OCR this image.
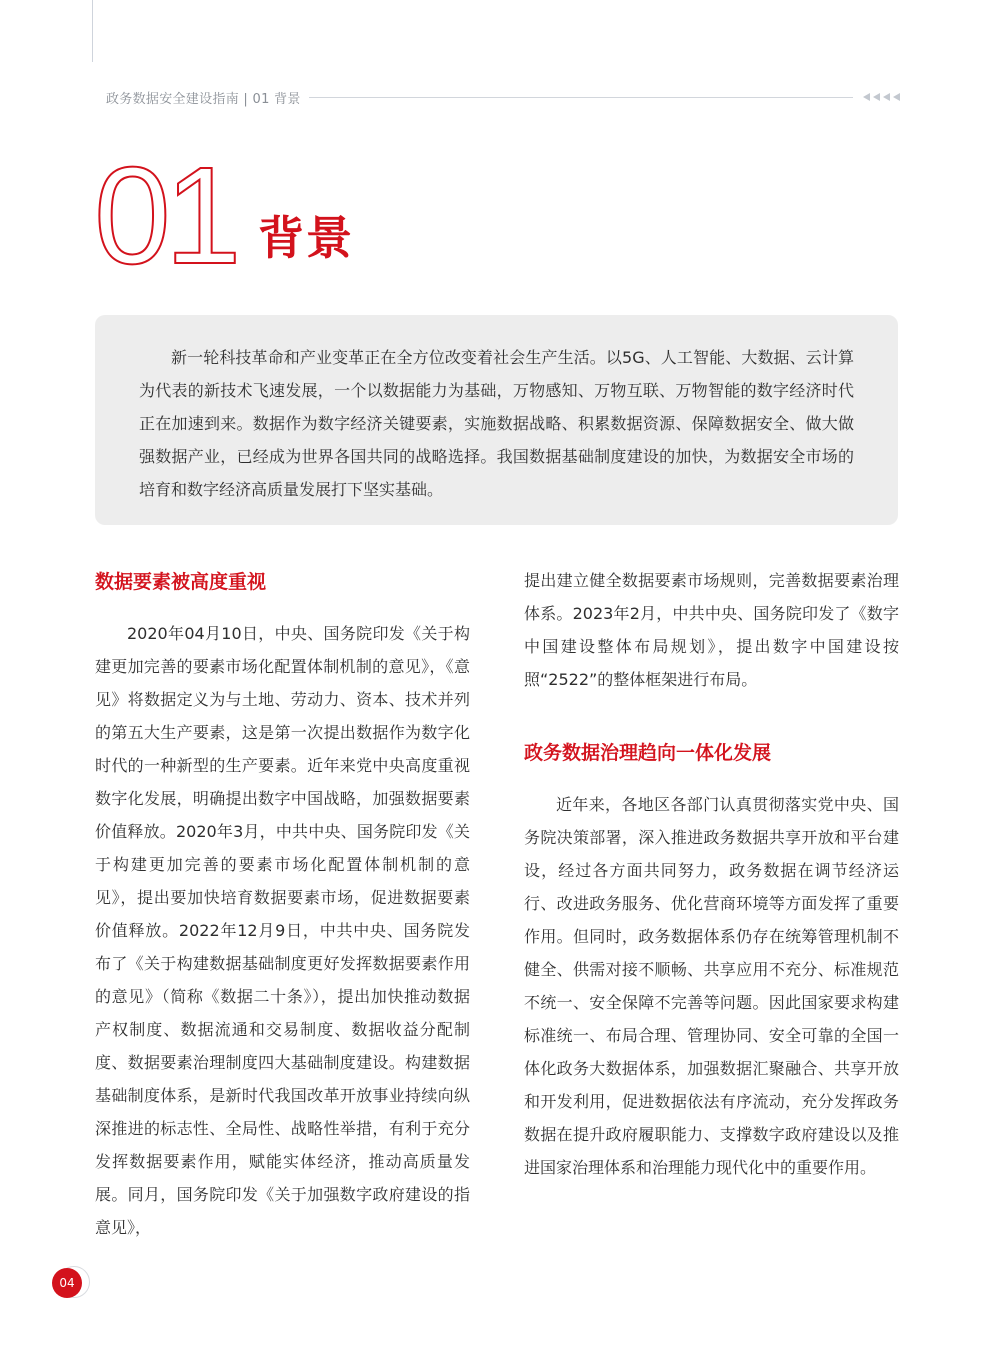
政务数据安全建设指南 | 01 背景
01 背景

新一轮科技革命和产业变革正在全方位改变着社会生产生活。以5G、人工智能、大数据、云计算为代表的新技术飞速发展，一个以数据能力为基础，万物感知、万物互联、万物智能的数字经济时代正在加速到来。数据作为数字经济关键要素，实施数据战略、积累数据资源、保障数据安全、做大做强数据产业，已经成为世界各国共同的战略选择。我国数据基础制度建设的加快，为数据安全市场的培育和数字经济高质量发展打下坚实基础。

数据要素被高度重视

2020年04月10日，中央、国务院印发《关于构建更加完善的要素市场化配置体制机制的意见》，《意见》将数据定义为与土地、劳动力、资本、技术并列的第五大生产要素，这是第一次提出数据作为数字化时代的一种新型的生产要素。近年来党中央高度重视数字化发展，明确提出数字中国战略，加强数据要素价值释放。2020年3月，中共中央、国务院印发《关于构建更加完善的要素市场化配置体制机制的意见》，提出要加快培育数据要素市场，促进数据要素价值释放。2022年12月9日，中共中央、国务院发布了《关于构建数据基础制度更好发挥数据要素作用的意见》（简称《数据二十条》），提出加快推动数据产权制度、数据流通和交易制度、数据收益分配制度、数据要素治理制度四大基础制度建设。构建数据基础制度体系，是新时代我国改革开放事业持续向纵深推进的标志性、全局性、战略性举措，有利于充分发挥数据要素作用，赋能实体经济，推动高质量发展。同月，国务院印发《关于加强数字政府建设的指意见》，

提出建立健全数据要素市场规则，完善数据要素治理体系。2023年2月，中共中央、国务院印发了《数字中国建设整体布局规划》，提出数字中国建设按照“2522”的整体框架进行布局。

政务数据治理趋向一体化发展

近年来，各地区各部门认真贯彻落实党中央、国务院决策部署，深入推进政务数据共享开放和平台建设，经过各方面共同努力，政务数据在调节经济运行、改进政务服务、优化营商环境等方面发挥了重要作用。但同时，政务数据体系仍存在统筹管理机制不健全、供需对接不顺畅、共享应用不充分、标准规范不统一、安全保障不完善等问题。因此国家要求构建标准统一、布局合理、管理协同、安全可靠的全国一体化政务大数据体系，加强数据汇聚融合、共享开放和开发利用，促进数据依法有序流动，充分发挥政务数据在提升政府履职能力、支撑数字政府建设以及推进国家治理体系和治理能力现代化中的重要作用。

04
